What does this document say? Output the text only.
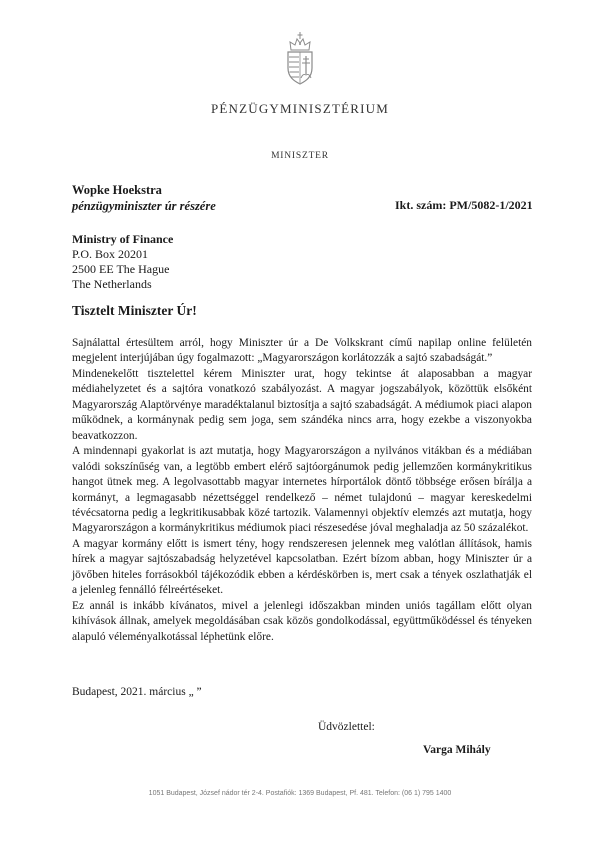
PÉNZÜGYMINISZTÉRIUM
MINISZTER
Wopke Hoekstra
pénzügyminiszter úr részére	Ikt. szám: PM/5082-1/2021
Ministry of Finance
P.O. Box 20201
2500 EE The Hague
The Netherlands
Tisztelt Miniszter Úr!

Sajnálattal értesültem arról, hogy Miniszter úr a De Volkskrant című napilap online felületén megjelent interjújában úgy fogalmazott: „Magyarországon korlátozzák a sajtó szabadságát.”

Mindenekelőtt tisztelettel kérem Miniszter urat, hogy tekintse át alaposabban a magyar médiahelyzetet és a sajtóra vonatkozó szabályozást. A magyar jogszabályok, közöttük elsőként Magyarország Alaptörvénye maradéktalanul biztosítja a sajtó szabadságát. A médiumok piaci alapon működnek, a kormánynak pedig sem joga, sem szándéka nincs arra, hogy ezekbe a viszonyokba beavatkozzon.

A mindennapi gyakorlat is azt mutatja, hogy Magyarországon a nyilvános vitákban és a médiában valódi sokszínűség van, a legtöbb embert elérő sajtóorgánumok pedig jellemzően kormánykritikus hangot ütnek meg. A legolvasottabb magyar internetes hírportálok döntő többsége erősen bírálja a kormányt, a legmagasabb nézettséggel rendelkező – német tulajdonú – magyar kereskedelmi tévécsatorna pedig a legkritikusabbak közé tartozik. Valamennyi objektív elemzés azt mutatja, hogy Magyarországon a kormánykritikus médiumok piaci részesedése jóval meghaladja az 50 százalékot.

A magyar kormány előtt is ismert tény, hogy rendszeresen jelennek meg valótlan állítások, hamis hírek a magyar sajtószabadság helyzetével kapcsolatban. Ezért bízom abban, hogy Miniszter úr a jövőben hiteles forrásokból tájékozódik ebben a kérdéskörben is, mert csak a tények oszlathatják el a jelenleg fennálló félreértéseket.

Ez annál is inkább kívánatos, mivel a jelenlegi időszakban minden uniós tagállam előtt olyan kihívások állnak, amelyek megoldásában csak közös gondolkodással, együttműködéssel és tényeken alapuló véleményalkotással léphetünk előre.

Budapest, 2021. március „ ”
Üdvözlettel:
Varga Mihály
1051 Budapest, József nádor tér 2-4. Postafiók: 1369 Budapest, Pf. 481. Telefon: (06 1) 795 1400
